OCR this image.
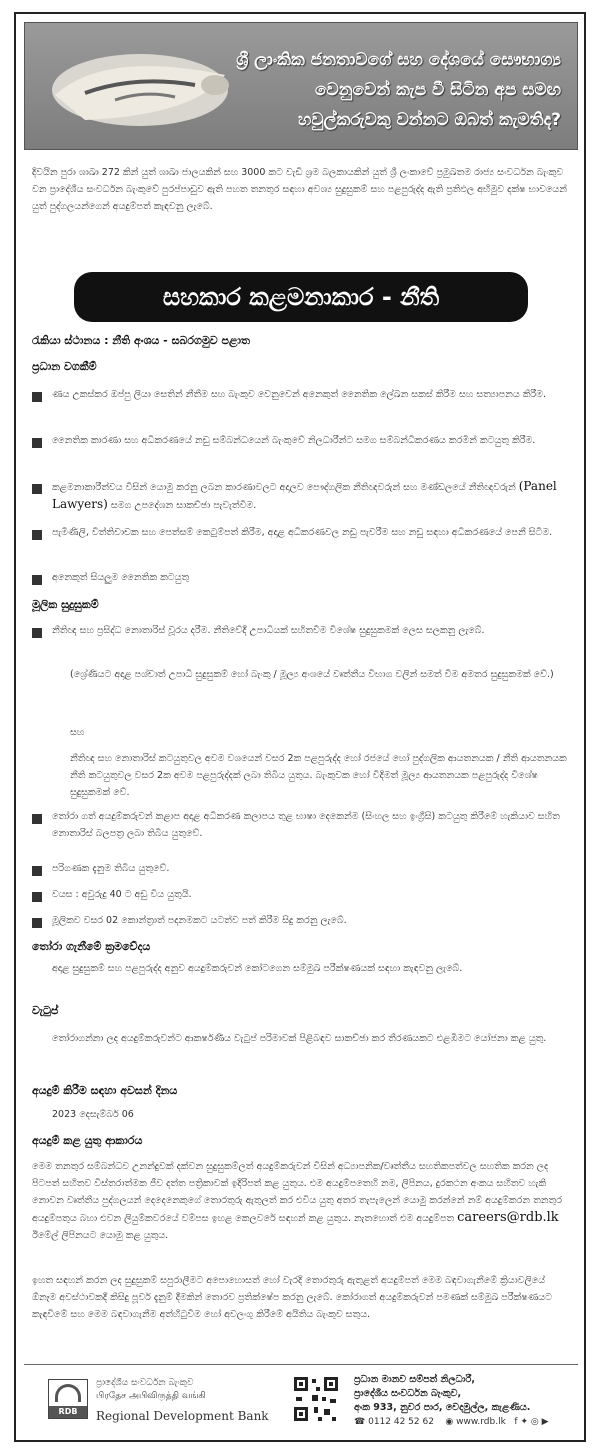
ශ්‍රී ලාංකික ජනතාවගේ සහ දේශයේ සෞභාග්‍ය
වෙනුවෙන් කැප වී සිටින අප සමඟ
හවුල්කරුවකු වන්නට ඔබත් කැමතිද?
දිවයින පුරා ශාඛා 272 කින් යුත් ශාඛා ජාලයකින් සහ 3000 කට වැඩි ශ්‍රම බලකායකින් යුත් ශ්‍රී ලංකාවේ ප්‍රමුඛතම රාජ්‍ය සංවර්ධන බැංකුව වන ප්‍රාදේශීය සංවර්ධන බැංකුවේ පුරප්පාඩුව ඇති පහත තනතුර සඳහා අවශ්‍ය සුදුසුකම් සහ පළපුරුද්ද ඇති ප්‍රතිඵල අභිමුව දක්ෂ භාවයෙන් යුත් පුද්ගලයන්ගෙන් අයදුම්පත් කැඳවනු ලැබේ.
සහකාර කළමනාකාර - නීති
රැකියා ස්ථානය : නීති අංශය - සබරගමුව පළාත
ප්‍රධාන වගකීම්
ණය උකස්කර ඔප්පු ලියා සෙතින් නීතීම සහ බැංකුව වෙනුවෙන් අනෙකුත් නෛතික ලේඛන සකස් කිරීම සහ සත්‍යාපනය කිරීම.
නෛතික කාරණා සහ අධිකරණයේ නඩු සම්බන්ධයෙන් බැංකුවේ නිලධාරීන්ට සමග සම්බන්ධීකරණය කරමින් කටයුතු කිරීම.
කළමනාකාරීත්වය විසින් යොමු කරනු ලබන කාරණාවලට අදාලව පෞද්ගලික නීතිඥවරුන් සහ මණ්ඩලයේ නීතිඥවරුන් (Panel Lawyers) සමග උපදේශන සාකච්ඡා පැවැත්වීම.
පැමිණිලි, විත්තිවාචක සහ පෙත්සම් කෙටුම්පත් කිරීම, අදාළ අධිකරණවල නඩු පැවරීම සහ නඩු සඳහා අධිකරණයේ පෙනී සිටීම.
අනෙකුත් සියලුම නෛතික කටයුතු
මූලික සුදුසුකම්
නීතිඥ සහ ප්‍රසිද්ධ නොතාරිස් වූරය දරීම. නීතිවේදී උපාධියක් සහිතවීම විශේෂ සුදුසුකමක් ලෙස සලකනු ලැබේ.
(ශ්‍රේණියට අදාළ පශ්චාත් උපාධි සුදුසුකම් හෝ බැංකු / මූල්‍ය අංශයේ වෘත්තීය විභාග වලින් සමත් වීම අමතර සුදුසුකමක් වේ.)
සහ
නීතිඥ සහ නොතාරිස් කටයුතුවල අවම වශයෙන් වසර 2ක පළපුරුද්ද හෝ රජයේ හෝ පුද්ගලික ආයතනයක / නීති ආයතනයක නීති කටයුතුවල වසර 2ක අවම පළපුරුද්දක් ලබා තිබිය යුතුය. බැංකුවක හෝ විදිමත් මූල්‍ය ආයතනයක පළපුරුද්ද විශේෂ සුදුසුකමක් වේ.
තෝරා ගත් අයදුම්කරුවන් කළාප අදාළ අධිකරණ කලාපය තුළ භාෂා දෙකෙන්ම (සිංහල සහ ඉංග්‍රීසි) කටයුතු කිරීමේ හැකියාව සහිත නොතාරිස් බලපත්‍ර ලබා තිබිය යුතුවේ.
පරිගණක දැනුම තිබිය යුතුවේ.
වයස : අවුරුදු 40 ට අඩු විය යුතුයි.
මූලිකව වසර 02 කොන්ත්‍රාත් පදනමකට යටත්ව පත් කිරීම සිදු කරනු ලැබේ.
තෝරා ගැනීමේ ක්‍රමවේදය
අදාළ සුදුසුකම් සහ පළපුරුද්ද අනුව අයදුම්කරුවන් කෝටගෙන සම්මුඛ පරීක්ෂණයක් සඳහා කැඳවනු ලැබේ.
වැටුප්
තෝරාගන්නා ලද අයදුම්කරුවන්ට ආකර්ෂණීය වැටුප් පරිමාවක් පිළිබඳව සාකච්ඡා කර තීරණයකට එළඹීමට යෝජනා කළ යුතු.
අයදුම් කිරීම සඳහා අවසන් දිනය
2023 දෙසැම්බර් 06
අයදුම් කළ යුතු ආකාරය
මෙම තනතුර සම්බන්ධව උනන්දුවක් දක්වන සුදුසුකම්ලත් අයදුම්කරුවන් විසින් අධ්‍යාපනික/වෘත්තීය සහතිකපත්වල සහතික කරන ලද පිටපත් සහිතව විස්තරාත්මක ජීව දත්ත පත්‍රිකාවක් ඉදිරිපත් කළ යුතුය. එම අයදුම්පතෙහි නම, ලිපිනය, දුරකථන අංකය සහිතව හැකි නොවන වෘත්තීය පුද්ගලයන් දෙදෙනෙකුගේ තොරතුරු ඇතුලත් කර එවිය යුතු අතර තැපැලෙන් යොමු කරන්නේ නම් අයදුම්කරන තනතුර අයදුම්පතුය බහා එවන ලියුම්කවරයේ වම්පස ඉහළ කෙලවරේ සඳහන් කළ යුතුය. නැතහොත් එම අයදුම්පත careers@rdb.lk ඊමේල් ලිපිනයට යොමු කළ යුතුය.
ඉහත සඳහන් කරන ලද සුදුසුකම් සපුරාලීමට අපොහොසත් හෝ වැරදි තොරතුරු ඇතුළත් අයදුම්පත් මෙම බඳවාගැනීමේ ක්‍රියාවලියේ ඕනෑම අවස්ථාවකදී කිසිදු පූර්ව දැනුම් දීමකින් තොරව ප්‍රතික්ෂේප කරනු ලැබේ. කෝරාගත් අයදුම්කරුවන් පමණක් සම්මුඛ පරීක්ෂණයට කැඳවීමේ සහ මෙම බඳවාගැනීම අත්හිටුවීම හෝ අවලංගු කිරීමේ අයිතිය බැංකුව සතුය.
RDB
ප්‍රාදේශීය සංවර්ධන බැංකුව
பிரதேச அபிவிருத்தி வங்கி
Regional Development Bank
ප්‍රධාන මානව සම්පත් නිලධාරී,
ප්‍රාදේශීය සංවර්ධන බැංකුව,
අංක 933, නුවර පාර, වෙදමුල්ල, කැළණිය.
☎ 0112 42 52 62 ◉ www.rdb.lk f ✦ ◎ ▶
